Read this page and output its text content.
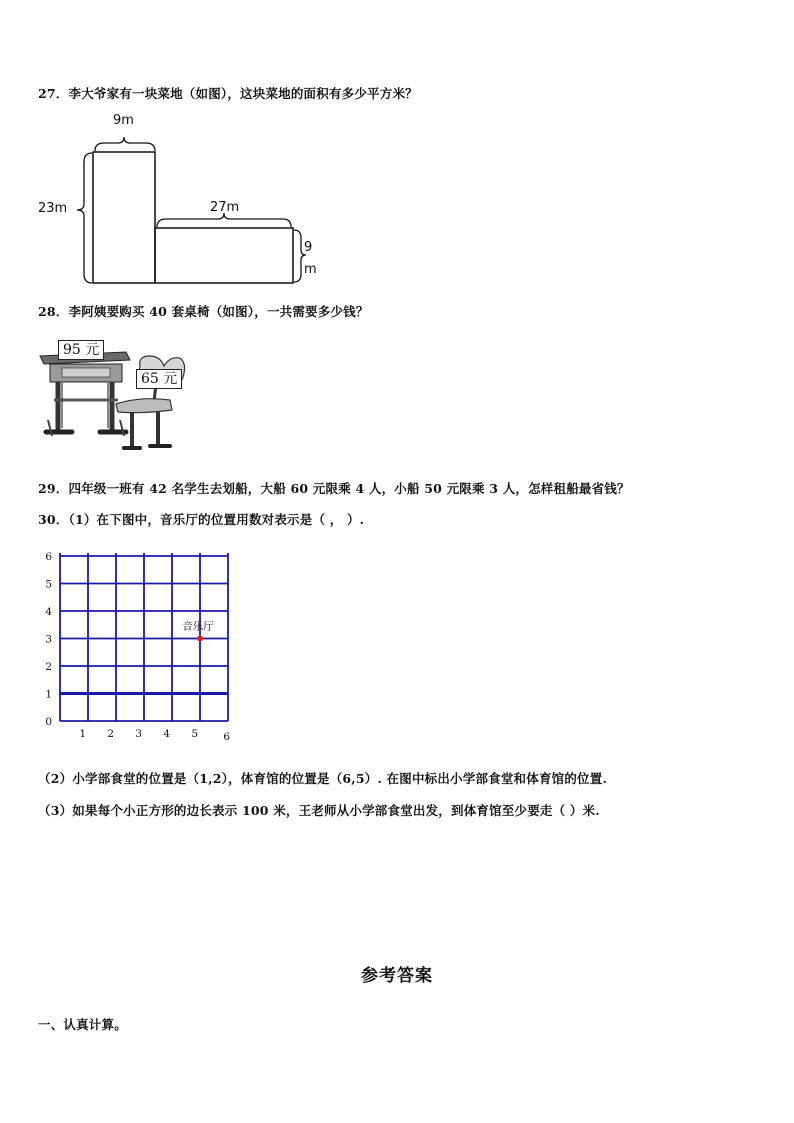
27．李大爷家有一块菜地（如图），这块菜地的面积有多少平方米？
9m
23m	27m
9
m
28．李阿姨要购买 40 套桌椅（如图），一共需要多少钱？
95 元
65 元
29．四年级一班有 42 名学生去划船，大船 60 元限乘 4 人，小船 50 元限乘 3 人，怎样租船最省钱？
30．（1）在下图中，音乐厅的位置用数对表示是（ ， ）.
6
5
4
3
2
1
0
1 2 3 4 5 6
音乐厅
（2）小学部食堂的位置是（1,2），体育馆的位置是（6,5）. 在图中标出小学部食堂和体育馆的位置.
（3）如果每个小正方形的边长表示 100 米，王老师从小学部食堂出发，到体育馆至少要走（ ）米.
参考答案
一、认真计算。
